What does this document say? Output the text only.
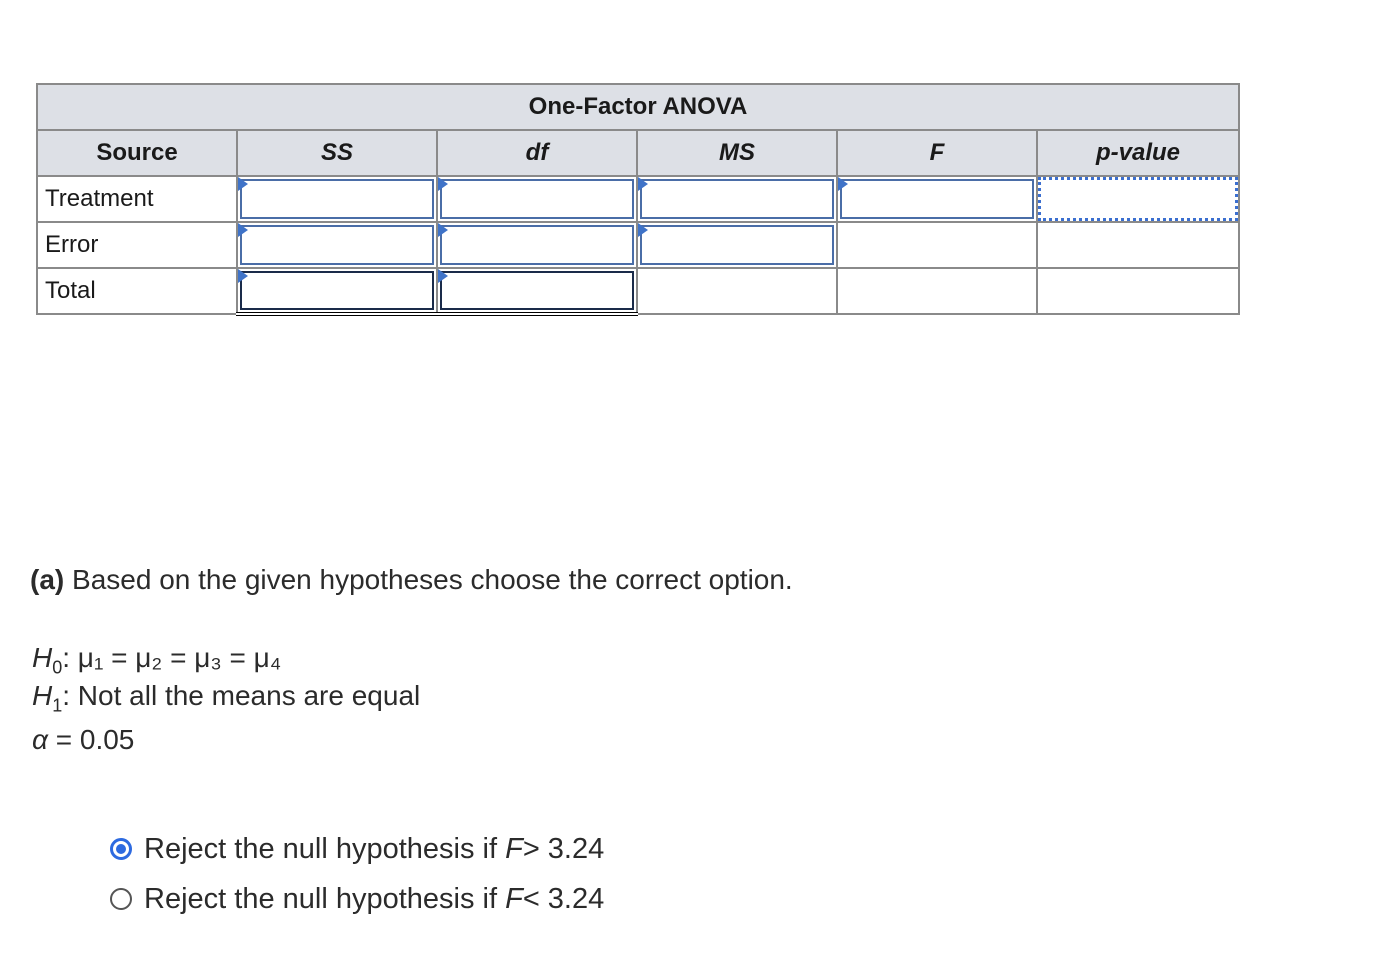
One-Factor ANOVA					
Source	SS	df	MS	F	p-value
Treatment	

Error	

Total	

(a) Based on the given hypotheses choose the correct option.
$H_0$: μ₁ = μ₂ = μ₃ = μ₄
$H_1$: Not all the means are equal
α = 0.05
Reject the null hypothesis if F> 3.24
Reject the null hypothesis if F< 3.24
